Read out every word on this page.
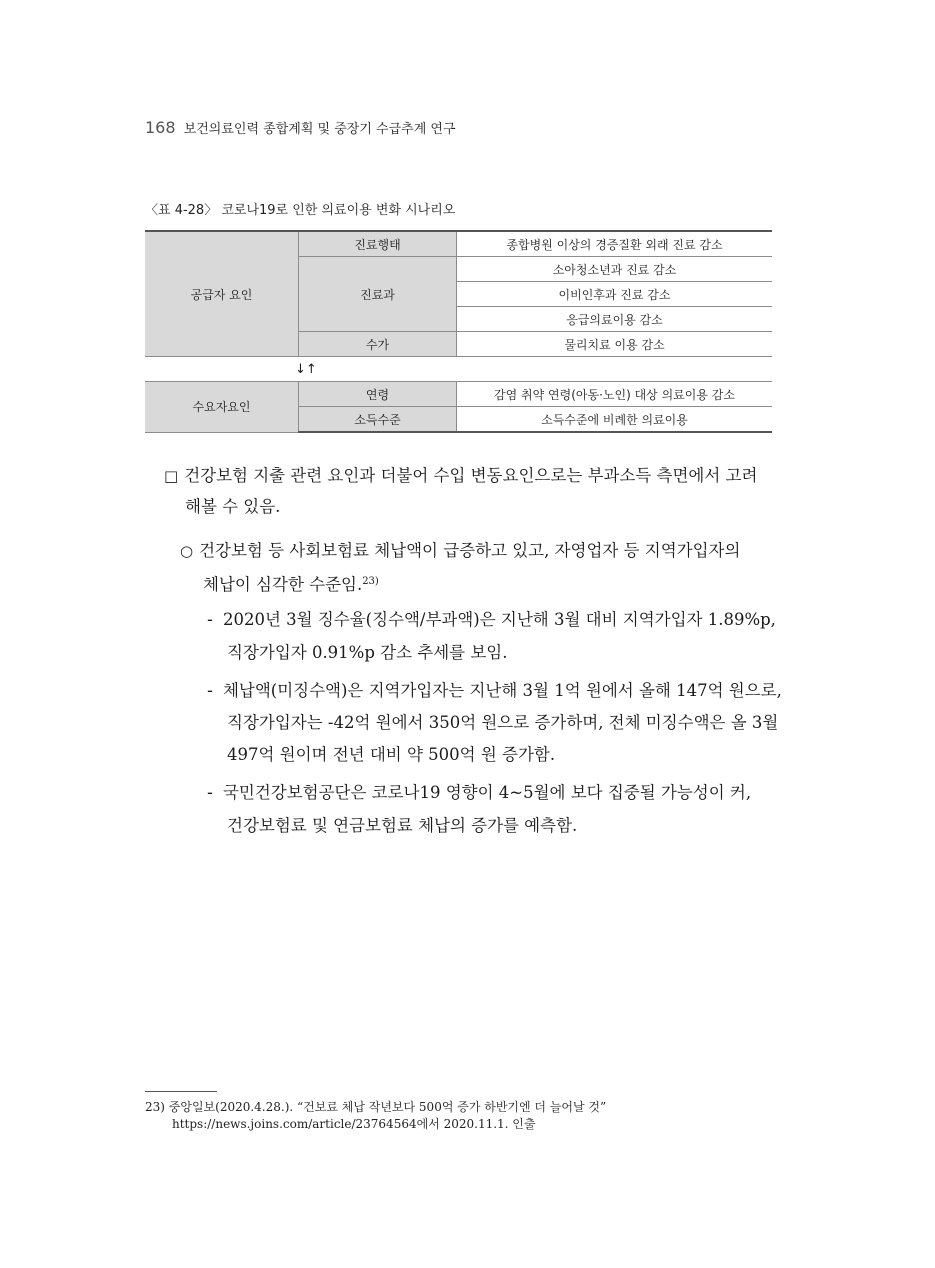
168 보건의료인력 종합계획 및 중장기 수급추계 연구
〈표 4-28〉 코로나19로 인한 의료이용 변화 시나리오
공급자 요인	진료행태	종합병원 이상의 경증질환 외래 진료 감소
	진료과	소아청소년과 진료 감소
		이비인후과 진료 감소
		응급의료이용 감소
	수가	물리치료 이용 감소
↓↑		
수요자요인	연령	감염 취약 연령(아동·노인) 대상 의료이용 감소
	소득수준	소득수준에 비례한 의료이용
□ 건강보험 지출 관련 요인과 더불어 수입 변동요인으로는 부과소득 측면에서 고려
해볼 수 있음.
○ 건강보험 등 사회보험료 체납액이 급증하고 있고, 자영업자 등 지역가입자의
체납이 심각한 수준임.$^{23)}$
- 2020년 3월 징수율(징수액/부과액)은 지난해 3월 대비 지역가입자 1.89%p,
직장가입자 0.91%p 감소 추세를 보임.
- 체납액(미징수액)은 지역가입자는 지난해 3월 1억 원에서 올해 147억 원으로,
직장가입자는 -42억 원에서 350억 원으로 증가하며, 전체 미징수액은 올 3월
497억 원이며 전년 대비 약 500억 원 증가함.
- 국민건강보험공단은 코로나19 영향이 4~5월에 보다 집중될 가능성이 커,
건강보험료 및 연금보험료 체납의 증가를 예측함.
23) 중앙일보(2020.4.28.). “건보료 체납 작년보다 500억 증가 하반기엔 더 늘어날 것”
https://news.joins.com/article/23764564에서 2020.11.1. 인출
